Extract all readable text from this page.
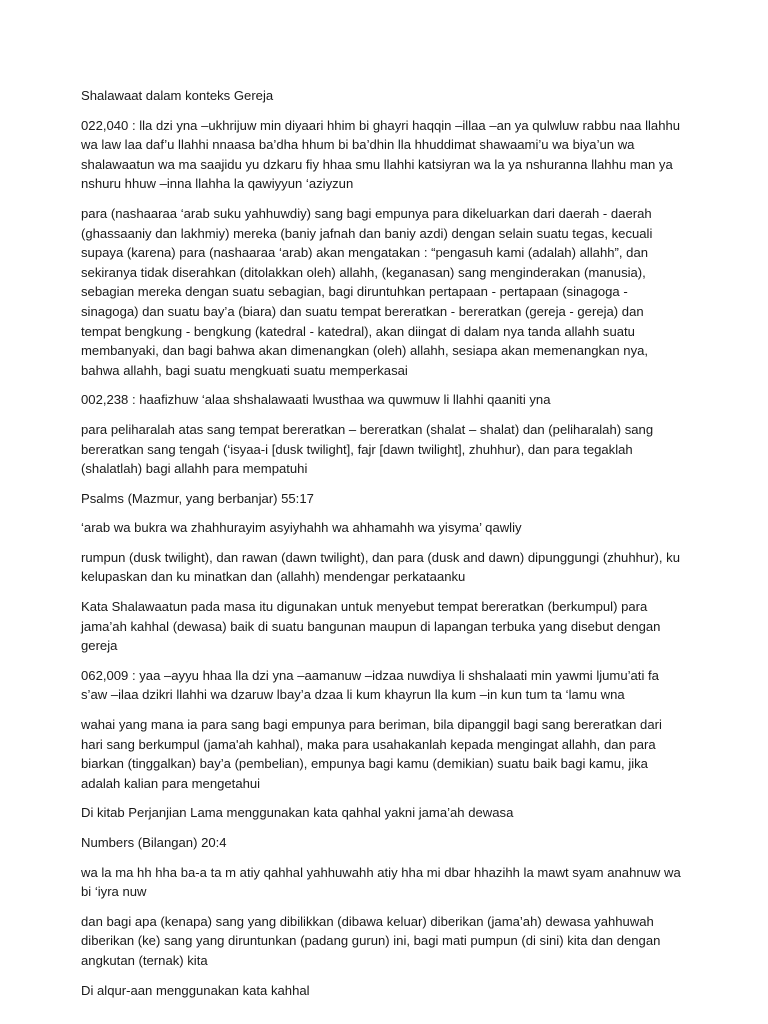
Shalawaat dalam konteks Gereja

022,040 : lla dzi yna –ukhrijuw min diyaari hhim bi ghayri haqqin –illaa –an ya qulwluw rabbu naa llahhu wa law laa daf’u llahhi nnaasa ba’dha hhum bi ba’dhin lla hhuddimat shawaami’u wa biya’un wa shalawaatun wa ma saajidu yu dzkaru fiy hhaa smu llahhi katsiyran wa la ya nshuranna llahhu man ya nshuru hhuw –inna llahha la qawiyyun ‘aziyzun

para (nashaaraa ‘arab suku yahhuwdiy) sang bagi empunya para dikeluarkan dari daerah - daerah (ghassaaniy dan lakhmiy) mereka (baniy jafnah dan baniy azdi) dengan selain suatu tegas, kecuali supaya (karena) para (nashaaraa ‘arab) akan mengatakan : “pengasuh kami (adalah) allahh”, dan sekiranya tidak diserahkan (ditolakkan oleh) allahh, (keganasan) sang menginderakan (manusia), sebagian mereka dengan suatu sebagian, bagi diruntuhkan pertapaan - pertapaan (sinagoga - sinagoga) dan suatu bay’a (biara) dan suatu tempat bereratkan - bereratkan (gereja - gereja) dan tempat bengkung - bengkung (katedral - katedral), akan diingat di dalam nya tanda allahh suatu membanyaki, dan bagi bahwa akan dimenangkan (oleh) allahh, sesiapa akan memenangkan nya, bahwa allahh, bagi suatu mengkuati suatu memperkasai

002,238 : haafizhuw ‘alaa shshalawaati lwusthaa wa quwmuw li llahhi qaaniti yna

para peliharalah atas sang tempat bereratkan – bereratkan (shalat – shalat) dan (peliharalah) sang bereratkan sang tengah (‘isyaa-i [dusk twilight], fajr [dawn twilight], zhuhhur), dan para tegaklah (shalatlah) bagi allahh para mempatuhi

Psalms (Mazmur, yang berbanjar) 55:17

‘arab wa bukra wa zhahhurayim asyiyhahh wa ahhamahh wa yisyma’ qawliy

rumpun (dusk twilight), dan rawan (dawn twilight), dan para (dusk and dawn) dipunggungi (zhuhhur), ku kelupaskan dan ku minatkan dan (allahh) mendengar perkataanku

Kata Shalawaatun pada masa itu digunakan untuk menyebut tempat bereratkan (berkumpul) para jama’ah kahhal (dewasa) baik di suatu bangunan maupun di lapangan terbuka yang disebut dengan gereja

062,009 : yaa –ayyu hhaa lla dzi yna –aamanuw –idzaa nuwdiya li shshalaati min yawmi ljumu’ati fa s’aw –ilaa dzikri llahhi wa dzaruw lbay’a dzaa li kum khayrun lla kum –in kun tum ta ‘lamu wna

wahai yang mana ia para sang bagi empunya para beriman, bila dipanggil bagi sang bereratkan dari hari sang berkumpul (jama'ah kahhal), maka para usahakanlah kepada mengingat allahh, dan para biarkan (tinggalkan) bay’a (pembelian), empunya bagi kamu (demikian) suatu baik bagi kamu, jika adalah kalian para mengetahui

Di kitab Perjanjian Lama menggunakan kata qahhal yakni jama’ah dewasa

Numbers (Bilangan) 20:4

wa la ma hh hha ba-a ta m atiy qahhal yahhuwahh atiy hha mi dbar hhazihh la mawt syam anahnuw wa bi ‘iyra nuw

dan bagi apa (kenapa) sang yang dibilikkan (dibawa keluar) diberikan (jama’ah) dewasa yahhuwah diberikan (ke) sang yang diruntunkan (padang gurun) ini, bagi mati pumpun (di sini) kita dan dengan angkutan (ternak) kita

Di alqur-aan menggunakan kata kahhal
